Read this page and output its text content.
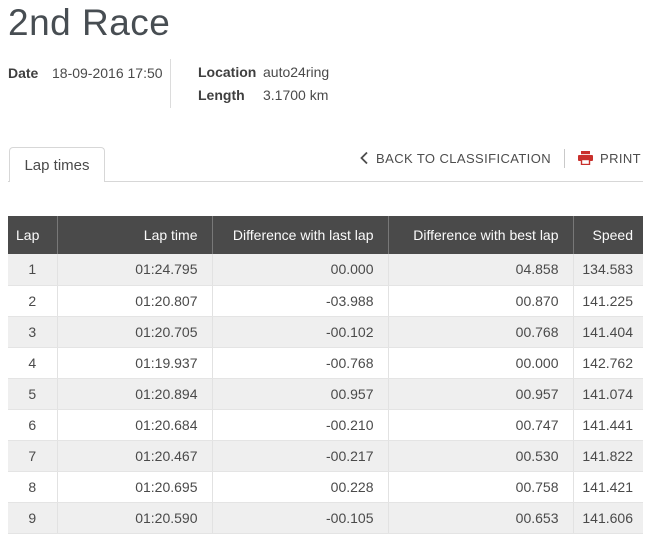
2nd Race
Date 18-09-2016 17:50	Location auto24ring
Length 3.1700 km
Lap times	BACK TO CLASSIFICATION	PRINT
Lap	Lap time	Difference with last lap	Difference with best lap	Speed
1	01:24.795	00.000	04.858	134.583
2	01:20.807	-03.988	00.870	141.225
3	01:20.705	-00.102	00.768	141.404
4	01:19.937	-00.768	00.000	142.762
5	01:20.894	00.957	00.957	141.074
6	01:20.684	-00.210	00.747	141.441
7	01:20.467	-00.217	00.530	141.822
8	01:20.695	00.228	00.758	141.421
9	01:20.590	-00.105	00.653	141.606
